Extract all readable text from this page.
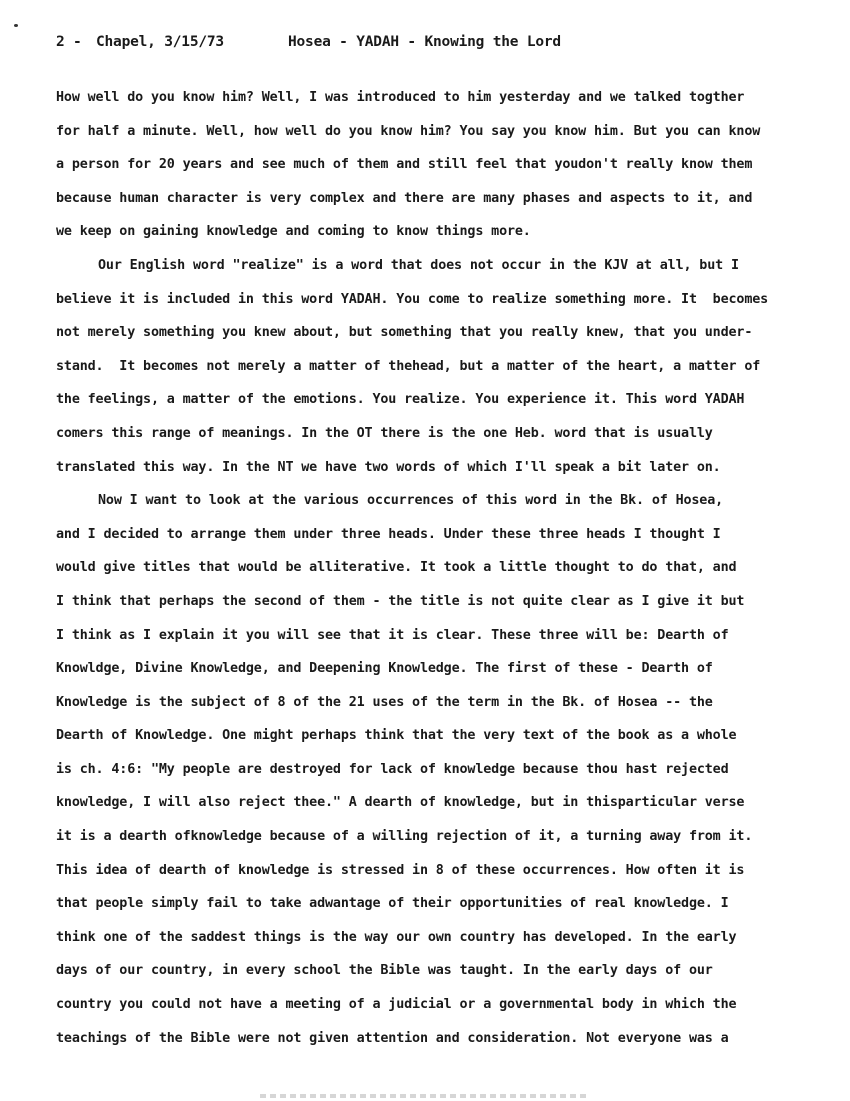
2 -

Chapel, 3/15/73

	Hosea - YADAH - Knowing the Lord

How well do you know him? Well, I was introduced to him yesterday and we talked togther
for half a minute. Well, how well do you know him? You say you know him. But you can know
a person for 20 years and see much of them and still feel that youdon't really know them
because human character is very complex and there are many phases and aspects to it, and
we keep on gaining knowledge and coming to know things more.
Our English word "realize" is a word that does not occur in the KJV at all, but I
believe it is included in this word YADAH. You come to realize something more. It  becomes
not merely something you knew about, but something that you really knew, that you under-
stand.  It becomes not merely a matter of thehead, but a matter of the heart, a matter of
the feelings, a matter of the emotions. You realize. You experience it. This word YADAH
comers this range of meanings. In the OT there is the one Heb. word that is usually
translated this way. In the NT we have two words of which I'll speak a bit later on.
Now I want to look at the various occurrences of this word in the Bk. of Hosea,
and I decided to arrange them under three heads. Under these three heads I thought I
would give titles that would be alliterative. It took a little thought to do that, and
I think that perhaps the second of them - the title is not quite clear as I give it but
I think as I explain it you will see that it is clear. These three will be: Dearth of
Knowldge, Divine Knowledge, and Deepening Knowledge. The first of these - Dearth of
Knowledge is the subject of 8 of the 21 uses of the term in the Bk. of Hosea -- the
Dearth of Knowledge. One might perhaps think that the very text of the book as a whole
is ch. 4:6: "My people are destroyed for lack of knowledge because thou hast rejected
knowledge, I will also reject thee." A dearth of knowledge, but in thisparticular verse
it is a dearth ofknowledge because of a willing rejection of it, a turning away from it.
This idea of dearth of knowledge is stressed in 8 of these occurrences. How often it is
that people simply fail to take adwantage of their opportunities of real knowledge. I
think one of the saddest things is the way our own country has developed. In the early
days of our country, in every school the Bible was taught. In the early days of our
country you could not have a meeting of a judicial or a governmental body in which the
teachings of the Bible were not given attention and consideration. Not everyone was a
